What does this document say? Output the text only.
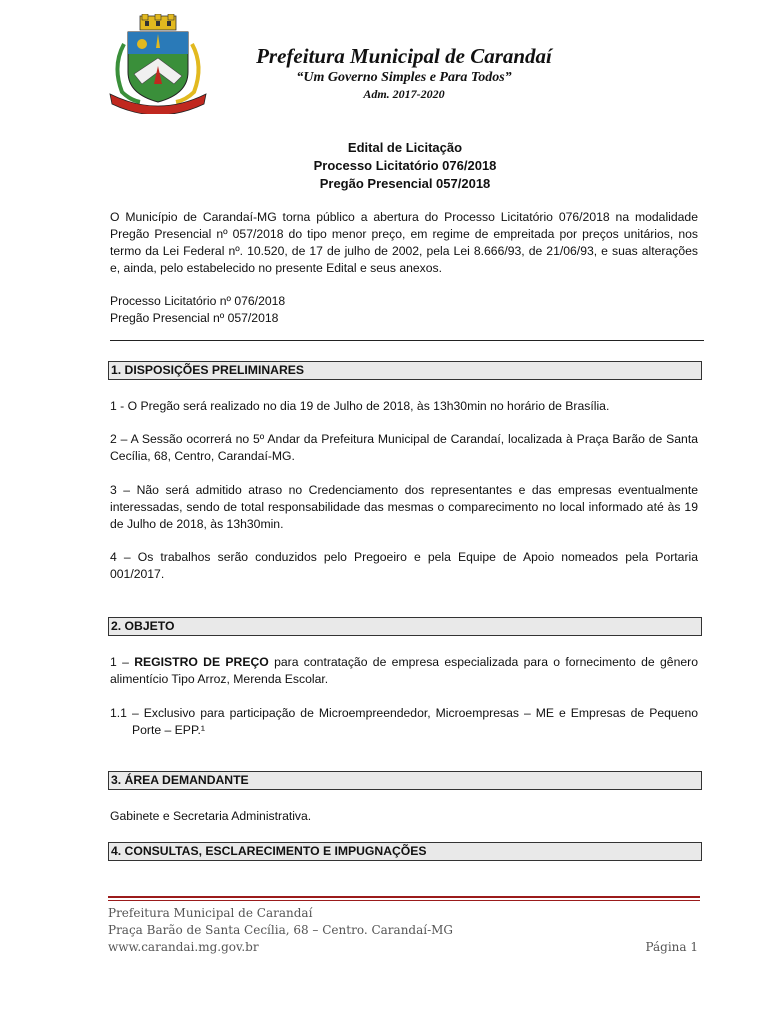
Prefeitura Municipal de Carandaí
“Um Governo Simples e Para Todos”
Adm. 2017-2020
Edital de Licitação
Processo Licitatório 076/2018
Pregão Presencial 057/2018
O Município de Carandaí-MG torna público a abertura do Processo Licitatório 076/2018 na modalidade Pregão Presencial nº 057/2018 do tipo menor preço, em regime de empreitada por preços unitários, nos termo da Lei Federal nº. 10.520, de 17 de julho de 2002, pela Lei 8.666/93, de 21/06/93, e suas alterações e, ainda, pelo estabelecido no presente Edital e seus anexos.
Processo Licitatório nº 076/2018
Pregão Presencial nº 057/2018
1. DISPOSIÇÕES PRELIMINARES
1 - O Pregão será realizado no dia 19 de Julho de 2018, às 13h30min no horário de Brasília.
2 – A Sessão ocorrerá no 5º Andar da Prefeitura Municipal de Carandaí, localizada à Praça Barão de Santa Cecília, 68, Centro, Carandaí-MG.
3 – Não será admitido atraso no Credenciamento dos representantes e das empresas eventualmente interessadas, sendo de total responsabilidade das mesmas o comparecimento no local informado até às 19 de Julho de 2018, às 13h30min.
4 – Os trabalhos serão conduzidos pelo Pregoeiro e pela Equipe de Apoio nomeados pela Portaria 001/2017.
2. OBJETO
1 – REGISTRO DE PREÇO para contratação de empresa especializada para o fornecimento de gênero alimentício Tipo Arroz, Merenda Escolar.
1.1 – Exclusivo para participação de Microempreendedor, Microempresas – ME e Empresas de Pequeno Porte – EPP.¹
3. ÁREA DEMANDANTE
Gabinete e Secretaria Administrativa.
4. CONSULTAS, ESCLARECIMENTO E IMPUGNAÇÕES
Prefeitura Municipal de Carandaí
Praça Barão de Santa Cecília, 68 – Centro. Carandaí-MG
www.carandai.mg.gov.br	Página 1
